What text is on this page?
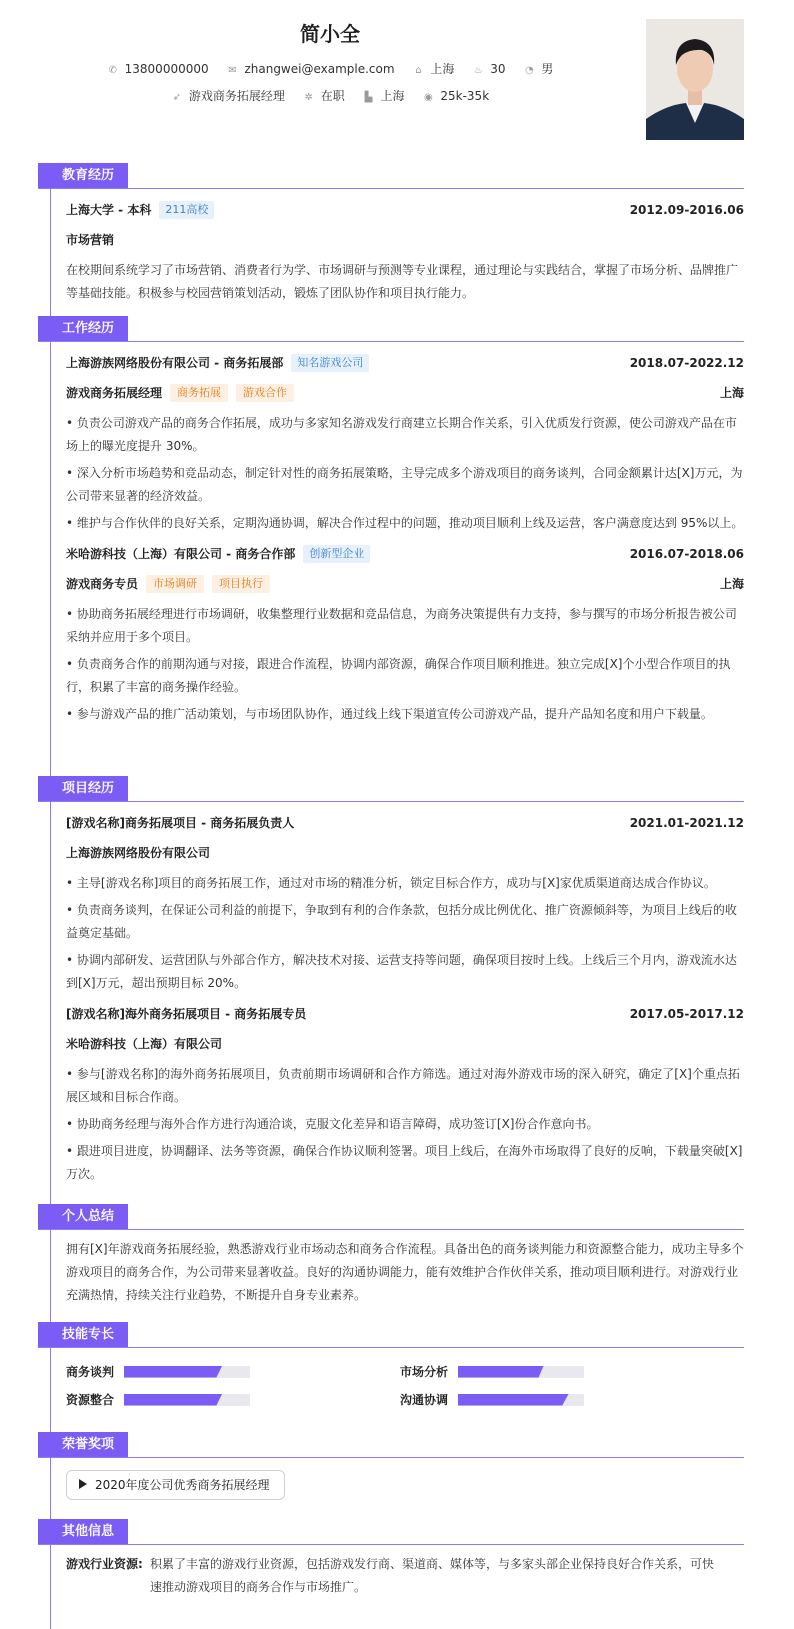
简小全
✆ 13800000000 ✉ zhangwei@example.com ⌂ 上海 ♨ 30 ◔ 男
➶ 游戏商务拓展经理 ✲ 在职 ▙ 上海 ◉ 25k-35k
教育经历
上海大学 - 本科 211高校	2012.09-2016.06
市场营销
在校期间系统学习了市场营销、消费者行为学、市场调研与预测等专业课程，通过理论与实践结合，掌握了市场分析、品牌推广等基础技能。积极参与校园营销策划活动，锻炼了团队协作和项目执行能力。
工作经历
上海游族网络股份有限公司 - 商务拓展部 知名游戏公司	2018.07-2022.12
游戏商务拓展经理 商务拓展 游戏合作	上海
• 负责公司游戏产品的商务合作拓展，成功与多家知名游戏发行商建立长期合作关系，引入优质发行资源，使公司游戏产品在市场上的曝光度提升 30%。
• 深入分析市场趋势和竞品动态，制定针对性的商务拓展策略，主导完成多个游戏项目的商务谈判，合同金额累计达[X]万元，为公司带来显著的经济效益。
• 维护与合作伙伴的良好关系，定期沟通协调，解决合作过程中的问题，推动项目顺利上线及运营，客户满意度达到 95%以上。
米哈游科技（上海）有限公司 - 商务合作部 创新型企业	2016.07-2018.06
游戏商务专员 市场调研 项目执行	上海
• 协助商务拓展经理进行市场调研，收集整理行业数据和竞品信息，为商务决策提供有力支持，参与撰写的市场分析报告被公司采纳并应用于多个项目。
• 负责商务合作的前期沟通与对接，跟进合作流程，协调内部资源，确保合作项目顺利推进。独立完成[X]个小型合作项目的执行，积累了丰富的商务操作经验。
• 参与游戏产品的推广活动策划，与市场团队协作，通过线上线下渠道宣传公司游戏产品，提升产品知名度和用户下载量。
项目经历
[游戏名称]商务拓展项目 - 商务拓展负责人	2021.01-2021.12
上海游族网络股份有限公司
• 主导[游戏名称]项目的商务拓展工作，通过对市场的精准分析，锁定目标合作方，成功与[X]家优质渠道商达成合作协议。
• 负责商务谈判，在保证公司利益的前提下，争取到有利的合作条款，包括分成比例优化、推广资源倾斜等，为项目上线后的收益奠定基础。
• 协调内部研发、运营团队与外部合作方，解决技术对接、运营支持等问题，确保项目按时上线。上线后三个月内，游戏流水达到[X]万元，超出预期目标 20%。
[游戏名称]海外商务拓展项目 - 商务拓展专员	2017.05-2017.12
米哈游科技（上海）有限公司
• 参与[游戏名称]的海外商务拓展项目，负责前期市场调研和合作方筛选。通过对海外游戏市场的深入研究，确定了[X]个重点拓展区域和目标合作商。
• 协助商务经理与海外合作方进行沟通洽谈，克服文化差异和语言障碍，成功签订[X]份合作意向书。
• 跟进项目进度，协调翻译、法务等资源，确保合作协议顺利签署。项目上线后，在海外市场取得了良好的反响，下载量突破[X]万次。
个人总结
拥有[X]年游戏商务拓展经验，熟悉游戏行业市场动态和商务合作流程。具备出色的商务谈判能力和资源整合能力，成功主导多个游戏项目的商务合作，为公司带来显著收益。良好的沟通协调能力，能有效维护合作伙伴关系，推动项目顺利进行。对游戏行业充满热情，持续关注行业趋势，不断提升自身专业素养。
技能专长
商务谈判	市场分析
资源整合	沟通协调
荣誉奖项
2020年度公司优秀商务拓展经理
其他信息
游戏行业资源: 积累了丰富的游戏行业资源，包括游戏发行商、渠道商、媒体等，与多家头部企业保持良好合作关系，可快速推动游戏项目的商务合作与市场推广。
